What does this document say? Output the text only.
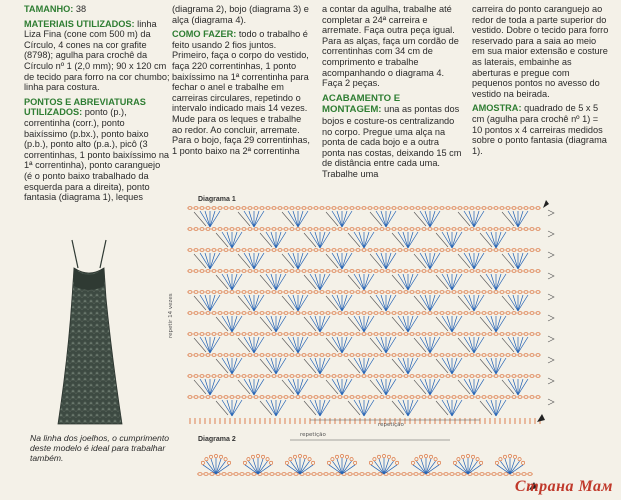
TAMANHO: 38

MATERIAIS UTILIZADOS: linha Liza Fina (cone com 500 m) da Círculo, 4 cones na cor grafite (8798); agulha para crochê da Círculo nº 1 (2,0 mm); 90 x 120 cm de tecido para forro na cor chumbo; linha para costura.

PONTOS E ABREVIATURAS UTILIZADOS: ponto (p.), correntinha (corr.), ponto baixíssimo (p.bx.), ponto baixo (p.b.), ponto alto (p.a.), picô (3 correntinhas, 1 ponto baixíssimo na 1ª correntinha), ponto caranguejo (é o ponto baixo trabalhado da esquerda para a direita), ponto fantasia (diagrama 1), leques

(diagrama 2), bojo (diagrama 3) e alça (diagrama 4).

COMO FAZER: todo o trabalho é feito usando 2 fios juntos. Primeiro, faça o corpo do vestido, faça 220 correntinhas, 1 ponto baixíssimo na 1ª correntinha para fechar o anel e trabalhe em carreiras circulares, repetindo o intervalo indicado mais 14 vezes. Mude para os leques e trabalhe ao redor. Ao concluir, arremate. Para o bojo, faça 29 correntinhas, 1 ponto baixo na 2ª correntinha

a contar da agulha, trabalhe até completar a 24ª carreira e arremate. Faça outra peça igual. Para as alças, faça um cordão de correntinhas com 34 cm de comprimento e trabalhe acompanhando o diagrama 4. Faça 2 peças.

ACABAMENTO E MONTAGEM: una as pontas dos bojos e costure-os centralizando no corpo. Pregue uma alça na ponta de cada bojo e a outra ponta nas costas, deixando 15 cm de distância entre cada uma. Trabalhe uma

carreira do ponto caranguejo ao redor de toda a parte superior do vestido. Dobre o tecido para forro reservado para a saia ao meio em sua maior extensão e costure as laterais, embainhe as aberturas e pregue com pequenos pontos no avesso do vestido na beirada.

AMOSTRA: quadrado de 5 x 5 cm (agulha para crochê nº 1) = 10 pontos x 4 carreiras medidos sobre o ponto fantasia (diagrama 1).

Na linha dos joelhos, o cumprimento deste modelo é ideal para trabalhar também.
Diagrama 1
repetir 14 vezes
repetição
Diagrama 2
repetição
Страна Мам
